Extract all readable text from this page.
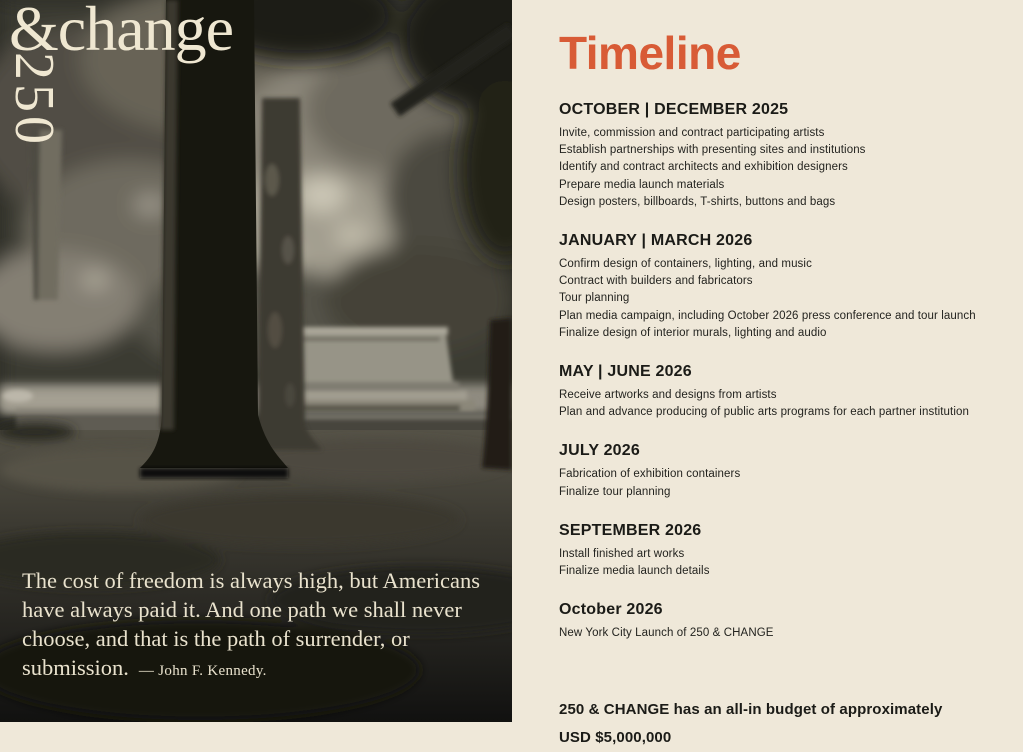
&change
250
The cost of freedom is always high, but Americans
have always paid it. And one path we shall never
choose, and that is the path of surrender, or
submission. — John F. Kennedy.
Timeline
OCTOBER | DECEMBER 2025
Invite, commission and contract participating artists
Establish partnerships with presenting sites and institutions
Identify and contract architects and exhibition designers
Prepare media launch materials
Design posters, billboards, T-shirts, buttons and bags
JANUARY | MARCH 2026
Confirm design of containers, lighting, and music
Contract with builders and fabricators
Tour planning
Plan media campaign, including October 2026 press conference and tour launch
Finalize design of interior murals, lighting and audio
MAY | JUNE 2026
Receive artworks and designs from artists
Plan and advance producing of public arts programs for each partner institution
JULY 2026
Fabrication of exhibition containers
Finalize tour planning
SEPTEMBER 2026
Install finished art works
Finalize media launch details
October 2026
New York City Launch of 250 & CHANGE
250 & CHANGE has an all-in budget of approximately
USD $5,000,000
